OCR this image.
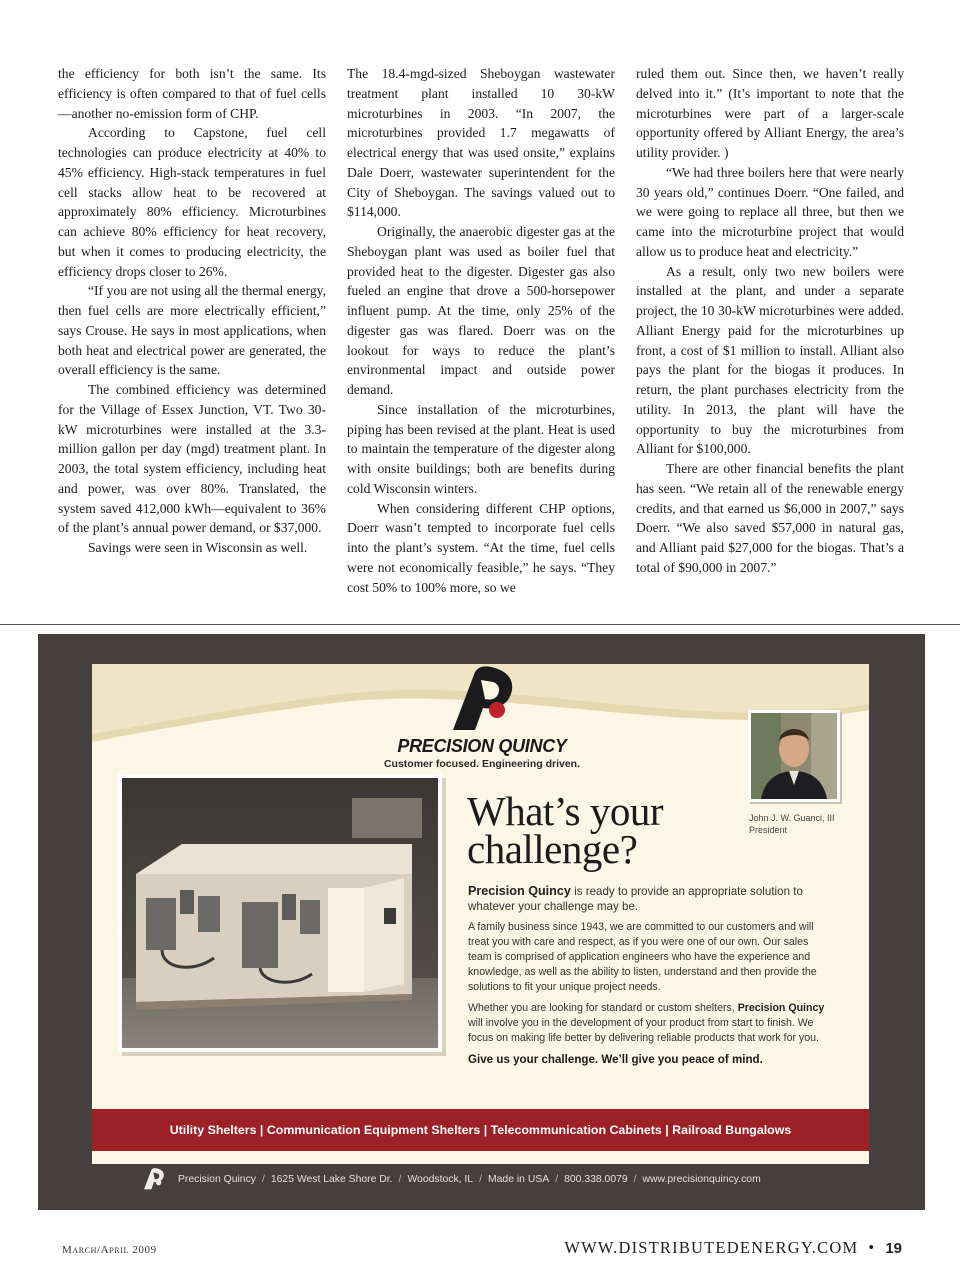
the efficiency for both isn’t the same. Its efficiency is often compared to that of fuel cells—another no-emission form of CHP.

According to Capstone, fuel cell technologies can produce electricity at 40% to 45% efficiency. High-stack temperatures in fuel cell stacks allow heat to be recovered at approximately 80% efficiency. Microturbines can achieve 80% efficiency for heat recovery, but when it comes to producing electricity, the efficiency drops closer to 26%.

“If you are not using all the thermal energy, then fuel cells are more electrically efficient,” says Crouse. He says in most applications, when both heat and electrical power are generated, the overall efficiency is the same.

The combined efficiency was determined for the Village of Essex Junction, VT. Two 30-kW microturbines were installed at the 3.3-million gallon per day (mgd) treatment plant. In 2003, the total system efficiency, including heat and power, was over 80%. Translated, the system saved 412,000 kWh—equivalent to 36% of the plant’s annual power demand, or $37,000.

Savings were seen in Wisconsin as well.

The 18.4-mgd-sized Sheboygan wastewater treatment plant installed 10 30-kW microturbines in 2003. “In 2007, the microturbines provided 1.7 megawatts of electrical energy that was used onsite,” explains Dale Doerr, wastewater superintendent for the City of Sheboygan. The savings valued out to $114,000.

Originally, the anaerobic digester gas at the Sheboygan plant was used as boiler fuel that provided heat to the digester. Digester gas also fueled an engine that drove a 500-horsepower influent pump. At the time, only 25% of the digester gas was flared. Doerr was on the lookout for ways to reduce the plant’s environmental impact and outside power demand.

Since installation of the microturbines, piping has been revised at the plant. Heat is used to maintain the temperature of the digester along with onsite buildings; both are benefits during cold Wisconsin winters.

When considering different CHP options, Doerr wasn’t tempted to incorporate fuel cells into the plant’s system. “At the time, fuel cells were not economically feasible,” he says. “They cost 50% to 100% more, so we

ruled them out. Since then, we haven’t really delved into it.” (It’s important to note that the microturbines were part of a larger-scale opportunity offered by Alliant Energy, the area’s utility provider. )

“We had three boilers here that were nearly 30 years old,” continues Doerr. “One failed, and we were going to replace all three, but then we came into the microturbine project that would allow us to produce heat and electricity.”

As a result, only two new boilers were installed at the plant, and under a separate project, the 10 30-kW microturbines were added. Alliant Energy paid for the microturbines up front, a cost of $1 million to install. Alliant also pays the plant for the biogas it produces. In return, the plant purchases electricity from the utility. In 2013, the plant will have the opportunity to buy the microturbines from Alliant for $100,000.

There are other financial benefits the plant has seen. “We retain all of the renewable energy credits, and that earned us $6,000 in 2007,” says Doerr. “We also saved $57,000 in natural gas, and Alliant paid $27,000 for the biogas. That’s a total of $90,000 in 2007.”

PRECISION QUINCY
Customer focused. Engineering driven.
John J. W. Guanci, III
President
What’s your
challenge?

Precision Quincy is ready to provide an appropriate solution to whatever your challenge may be.

A family business since 1943, we are committed to our customers and will treat you with care and respect, as if you were one of our own. Our sales team is comprised of application engineers who have the experience and knowledge, as well as the ability to listen, understand and then provide the solutions to fit your unique project needs.

Whether you are looking for standard or custom shelters, Precision Quincy will involve you in the development of your product from start to finish. We focus on making life better by delivering reliable products that work for you.

Give us your challenge. We’ll give you peace of mind.

Utility Shelters | Communication Equipment Shelters | Telecommunication Cabinets | Railroad Bungalows
Precision Quincy / 1625 West Lake Shore Dr. / Woodstock, IL / Made in USA / 800.338.0079 / www.precisionquincy.com
March/April 2009	WWW.DISTRIBUTEDENERGY.COM • 19
